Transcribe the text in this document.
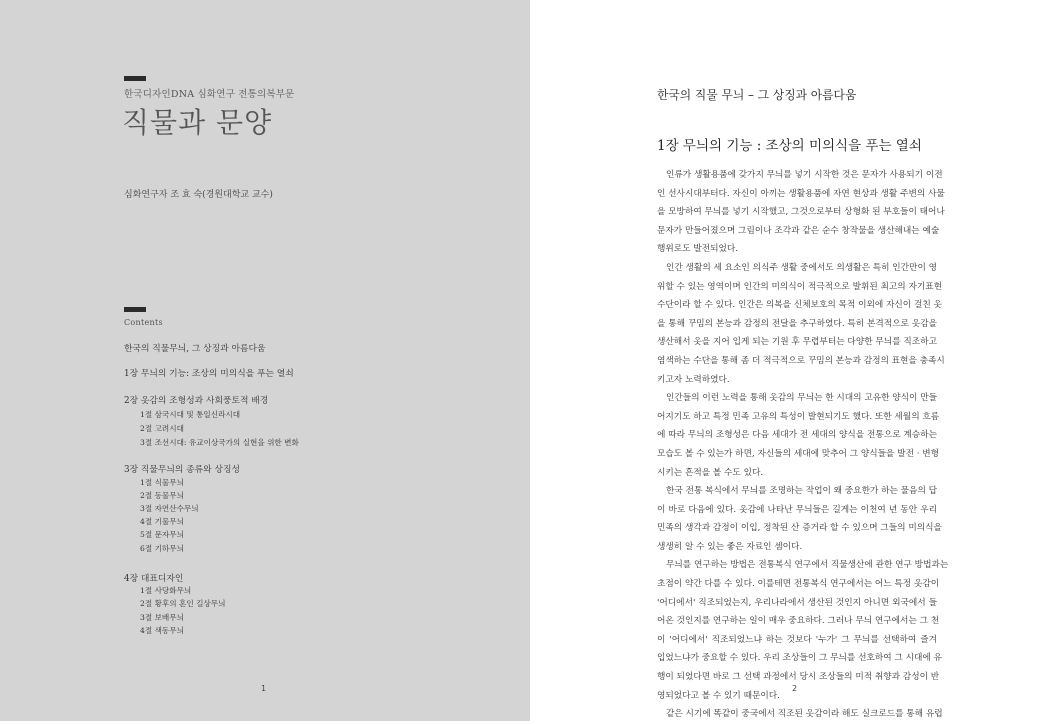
한국디자인DNA 심화연구 전통의복부문
직물과 문양
심화연구자 조 효 숙(경원대학교 교수)
Contents
한국의 직물무늬, 그 상징과 아름다움
1장 무늬의 기능: 조상의 미의식을 푸는 열쇠
2장 옷감의 조형성과 사회풍토적 배경
1절 삼국시대 및 통일신라시대
2절 고려시대
3절 조선시대: 유교이상국가의 실현을 위한 변화
3장 직물무늬의 종류와 상징성
1절 식물무늬
2절 동물무늬
3절 자연산수무늬
4절 기물무늬
5절 문자무늬
6절 기하무늬
4장 대표디자인
1절 사당화무늬
2절 황후의 혼인 길상무늬
3절 보배무늬
4절 색동무늬
1
한국의 직물 무늬 – 그 상징과 아름다움
1장 무늬의 기능 : 조상의 미의식을 푸는 열쇠
인류가 생활용품에 갖가지 무늬를 넣기 시작한 것은 문자가 사용되기 이전
인 선사시대부터다. 자신이 아끼는 생활용품에 자연 현상과 생활 주변의 사물
을 모방하여 무늬를 넣기 시작했고, 그것으로부터 상형화 된 부호들이 태어나
문자가 만들어졌으며 그림이나 조각과 같은 순수 창작물을 생산해내는 예술
행위로도 발전되었다.
인간 생활의 세 요소인 의식주 생활 중에서도 의생활은 특히 인간만이 영
위할 수 있는 영역이며 인간의 미의식이 적극적으로 발휘된 최고의 자기표현
수단이라 할 수 있다. 인간은 의복을 신체보호의 목적 이외에 자신이 걸친 옷
을 통해 꾸밈의 본능과 감정의 전달을 추구하였다. 특히 본격적으로 옷감을
생산해서 옷을 지어 입게 되는 기원 후 무렵부터는 다양한 무늬를 직조하고
염색하는 수단을 통해 좀 더 적극적으로 꾸밈의 본능과 감정의 표현을 충족시
키고자 노력하였다.
인간들의 이런 노력을 통해 옷감의 무늬는 한 시대의 고유한 양식이 만들
어지기도 하고 특정 민족 고유의 특성이 발현되기도 했다. 또한 세월의 흐름
에 따라 무늬의 조형성은 다음 세대가 전 세대의 양식을 전통으로 계승하는
모습도 볼 수 있는가 하면, 자신들의 세대에 맞추어 그 양식들을 발전 · 변형
시키는 흔적을 볼 수도 있다.
한국 전통 복식에서 무늬를 조명하는 작업이 왜 중요한가 하는 물음의 답
이 바로 다음에 있다. 옷감에 나타난 무늬들은 길게는 이천여 년 동안 우리
민족의 생각과 감정이 이입, 정착된 산 증거라 할 수 있으며 그들의 미의식을
생생히 알 수 있는 좋은 자료인 셈이다.
무늬를 연구하는 방법은 전통복식 연구에서 직물생산에 관한 연구 방법과는
초점이 약간 다를 수 있다. 이를테면 전통복식 연구에서는 어느 특정 옷감이
'어디에서' 직조되었는지, 우리나라에서 생산된 것인지 아니면 외국에서 들
어온 것인지를 연구하는 일이 매우 중요하다. 그러나 무늬 연구에서는 그 천
이 '어디에서' 직조되었느냐 하는 것보다 '누가' 그 무늬를 선택하여 즐겨
입었느냐가 중요할 수 있다. 우리 조상들이 그 무늬를 선호하여 그 시대에 유
행이 되었다면 바로 그 선택 과정에서 당시 조상들의 미적 취향과 감성이 반
영되었다고 볼 수 있기 때문이다.
같은 시기에 똑같이 중국에서 직조된 옷감이라 해도 실크로드를 통해 유럽
2
